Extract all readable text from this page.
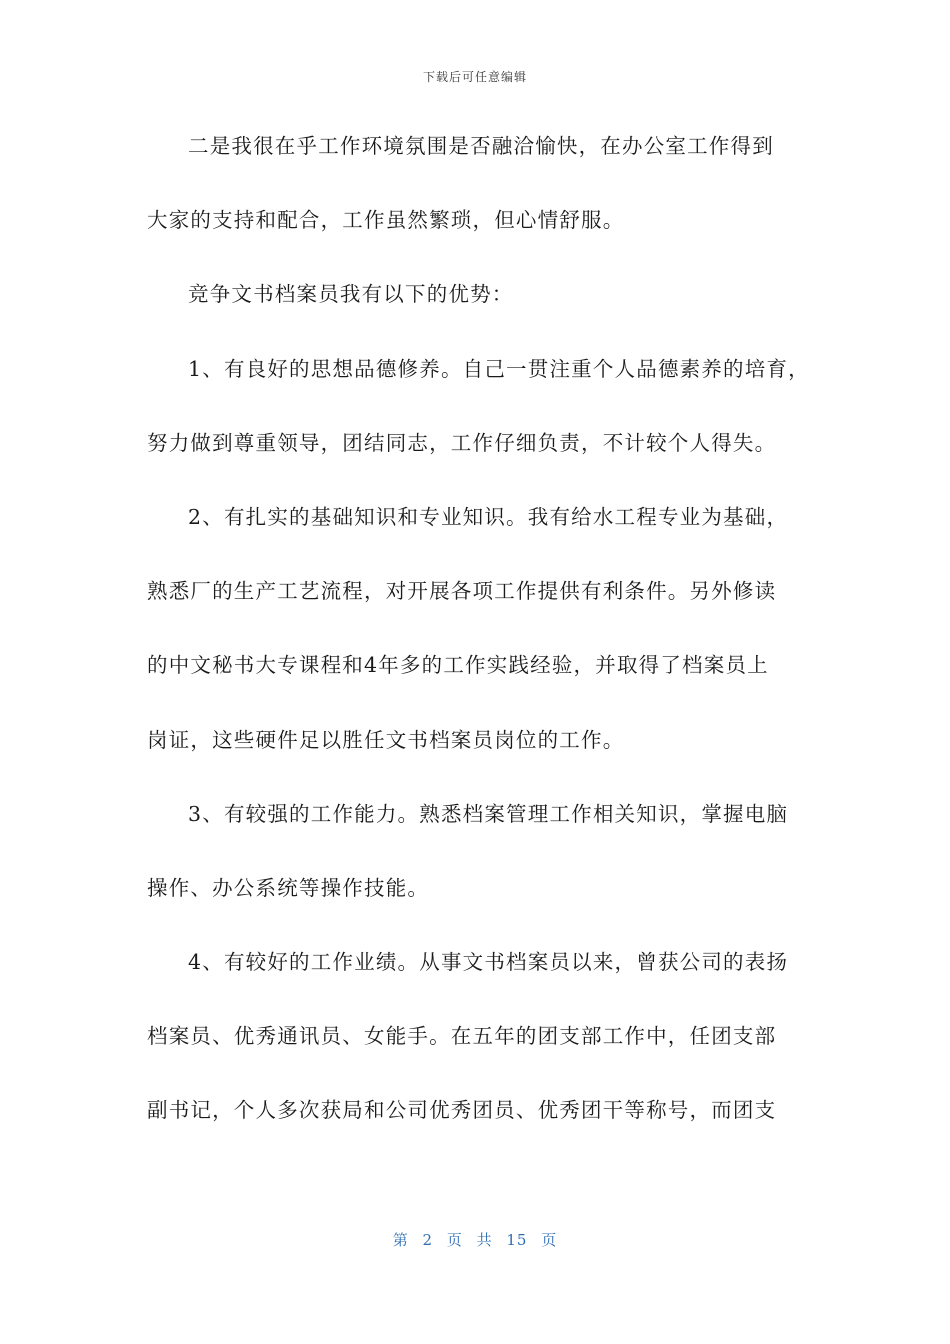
下载后可任意编辑
二是我很在乎工作环境氛围是否融洽愉快，在办公室工作得到
大家的支持和配合，工作虽然繁琐，但心情舒服。
竞争文书档案员我有以下的优势：
1、有良好的思想品德修养。自己一贯注重个人品德素养的培育，
努力做到尊重领导，团结同志，工作仔细负责，不计较个人得失。
2、有扎实的基础知识和专业知识。我有给水工程专业为基础，
熟悉厂的生产工艺流程，对开展各项工作提供有利条件。另外修读
的中文秘书大专课程和4年多的工作实践经验，并取得了档案员上
岗证，这些硬件足以胜任文书档案员岗位的工作。
3、有较强的工作能力。熟悉档案管理工作相关知识，掌握电脑
操作、办公系统等操作技能。
4、有较好的工作业绩。从事文书档案员以来，曾获公司的表扬
档案员、优秀通讯员、女能手。在五年的团支部工作中，任团支部
副书记，个人多次获局和公司优秀团员、优秀团干等称号，而团支
第 2 页 共 15 页
